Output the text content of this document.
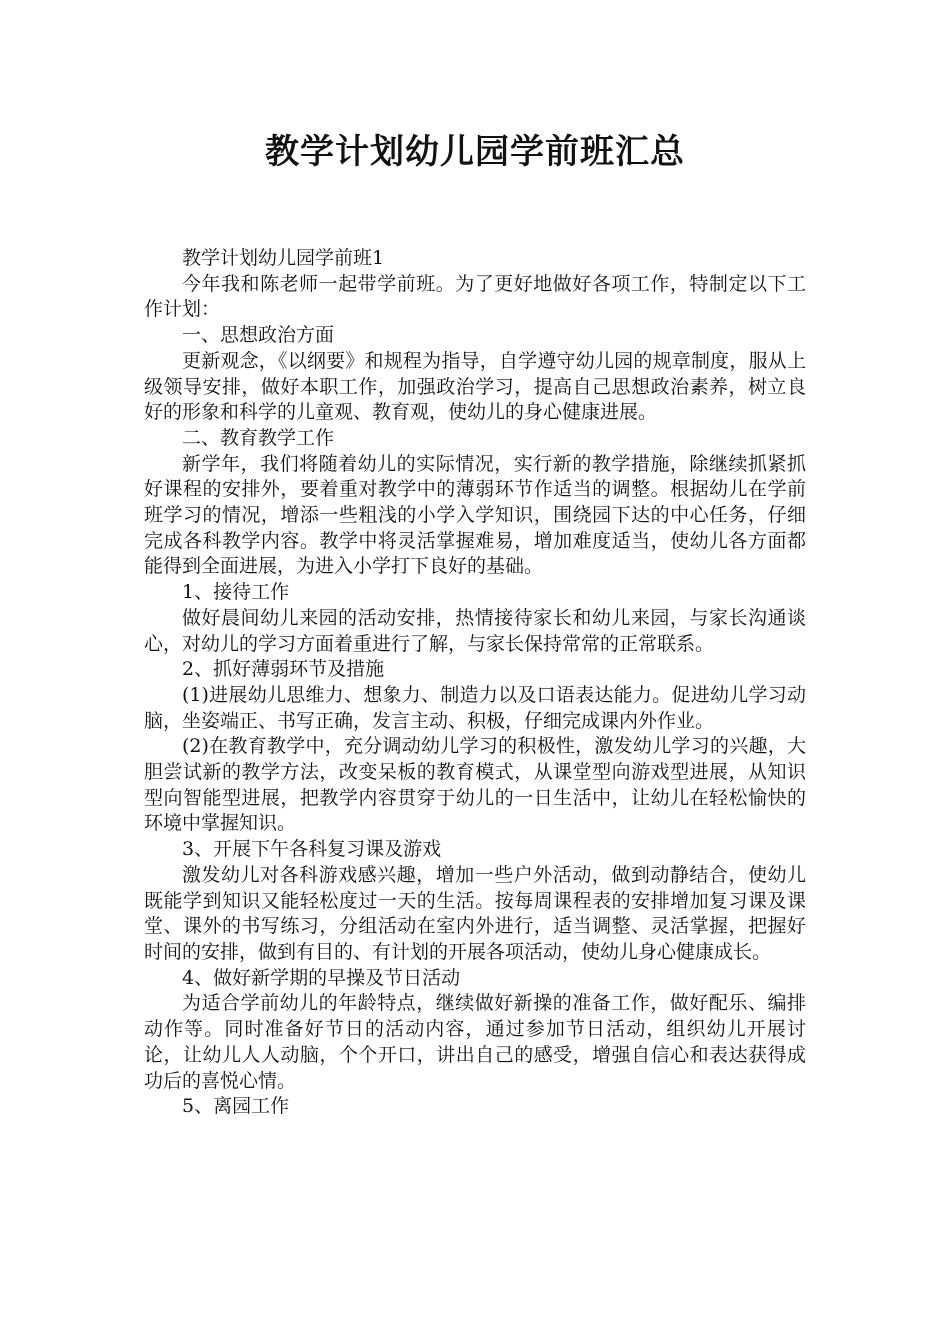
教学计划幼儿园学前班汇总

教学计划幼儿园学前班1

今年我和陈老师一起带学前班。为了更好地做好各项工作，特制定以下工作计划：

一、思想政治方面

更新观念，《以纲要》和规程为指导，自学遵守幼儿园的规章制度，服从上级领导安排，做好本职工作，加强政治学习，提高自己思想政治素养，树立良好的形象和科学的儿童观、教育观，使幼儿的身心健康进展。

二、教育教学工作

新学年，我们将随着幼儿的实际情况，实行新的教学措施，除继续抓紧抓好课程的安排外，要着重对教学中的薄弱环节作适当的调整。根据幼儿在学前班学习的情况，增添一些粗浅的小学入学知识，围绕园下达的中心任务，仔细完成各科教学内容。教学中将灵活掌握难易，增加难度适当，使幼儿各方面都能得到全面进展，为进入小学打下良好的基础。

1、接待工作

做好晨间幼儿来园的活动安排，热情接待家长和幼儿来园，与家长沟通谈心，对幼儿的学习方面着重进行了解，与家长保持常常的正常联系。

2、抓好薄弱环节及措施

(1)进展幼儿思维力、想象力、制造力以及口语表达能力。促进幼儿学习动脑，坐姿端正、书写正确，发言主动、积极，仔细完成课内外作业。

(2)在教育教学中，充分调动幼儿学习的积极性，激发幼儿学习的兴趣，大胆尝试新的教学方法，改变呆板的教育模式，从课堂型向游戏型进展，从知识型向智能型进展，把教学内容贯穿于幼儿的一日生活中，让幼儿在轻松愉快的环境中掌握知识。

3、开展下午各科复习课及游戏

激发幼儿对各科游戏感兴趣，增加一些户外活动，做到动静结合，使幼儿既能学到知识又能轻松度过一天的生活。按每周课程表的安排增加复习课及课堂、课外的书写练习，分组活动在室内外进行，适当调整、灵活掌握，把握好时间的安排，做到有目的、有计划的开展各项活动，使幼儿身心健康成长。

4、做好新学期的早操及节日活动

为适合学前幼儿的年龄特点，继续做好新操的准备工作，做好配乐、编排动作等。同时准备好节日的活动内容，通过参加节日活动，组织幼儿开展讨论，让幼儿人人动脑，个个开口，讲出自己的感受，增强自信心和表达获得成功后的喜悦心情。

5、离园工作
